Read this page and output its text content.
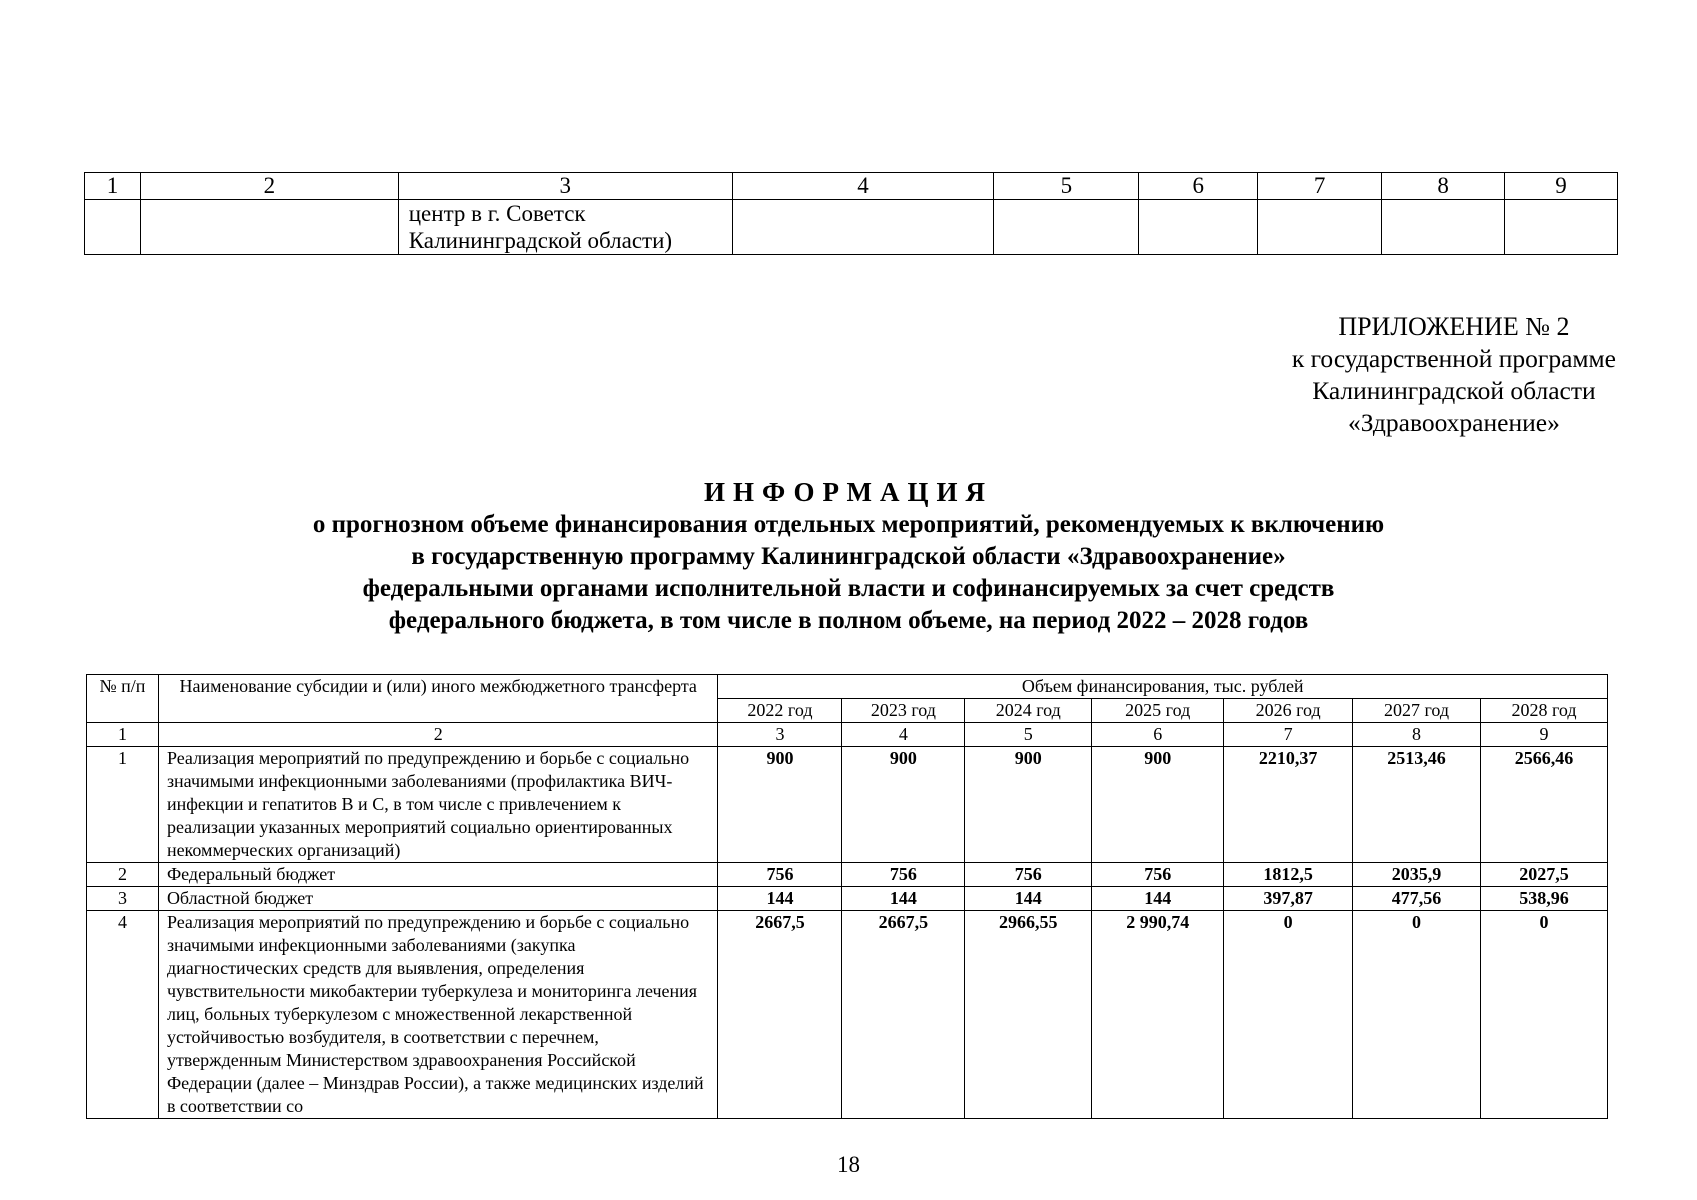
1	2	3	4	5	6	7	8	9

		центр в г. Советск
Калининградской области)						

ПРИЛОЖЕНИЕ № 2
к государственной программе
Калининградской области
«Здравоохранение»
ИНФОРМАЦИЯ
о прогнозном объеме финансирования отдельных мероприятий, рекомендуемых к включению
в государственную программу Калининградской области «Здравоохранение»
федеральными органами исполнительной власти и софинансируемых за счет средств
федерального бюджета, в том числе в полном объеме, на период 2022 – 2028 годов
№ п/п	Наименование субсидии и (или) иного межбюджетного трансферта	Объем финансирования, тыс. рублей						
		2022 год	2023 год	2024 год	2025 год	2026 год	2027 год	2028 год
1	2	3	4	5	6	7	8	9
1	Реализация мероприятий по предупреждению и борьбе с социально значимыми инфекционными заболеваниями (профилактика ВИЧ-инфекции и гепатитов В и С, в том числе с привлечением к реализации указанных мероприятий социально ориентированных некоммерческих организаций)	900	900	900	900	2210,37	2513,46	2566,46
2	Федеральный бюджет	756	756	756	756	1812,5	2035,9	2027,5
3	Областной бюджет	144	144	144	144	397,87	477,56	538,96
4	Реализация мероприятий по предупреждению и борьбе с социально значимыми инфекционными заболеваниями (закупка диагностических средств для выявления, определения чувствительности микобактерии туберкулеза и мониторинга лечения лиц, больных туберкулезом с множественной лекарственной устойчивостью возбудителя, в соответствии с перечнем, утвержденным Министерством здравоохранения Российской Федерации (далее – Минздрав России), а также медицинских изделий в соответствии со	2667,5	2667,5	2966,55	2 990,74	0	0	0
18
